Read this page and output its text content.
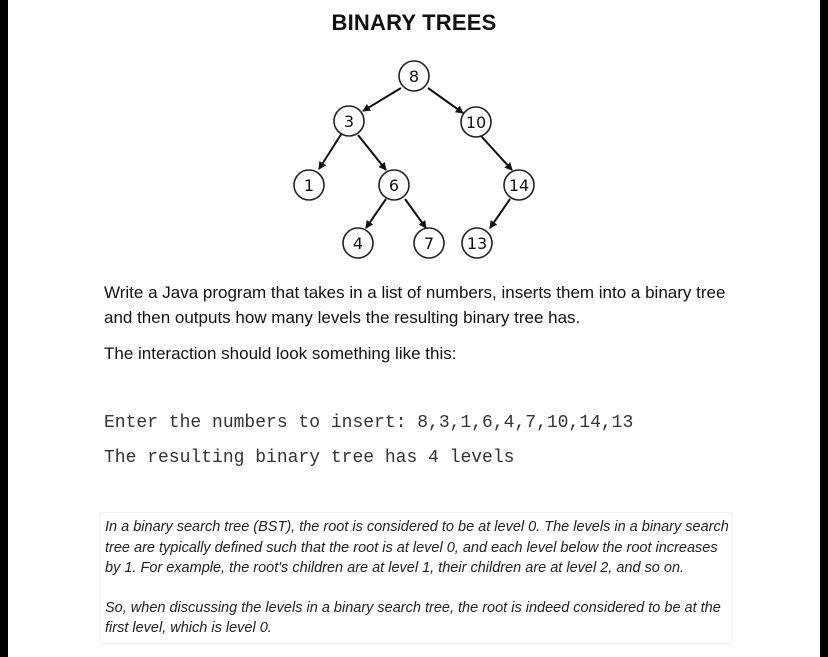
BINARY TREES
8
3	10
1	6	14
4	7 13

Write a Java program that takes in a list of numbers, inserts them into a binary tree and then outputs how many levels the resulting binary tree has.

The interaction should look something like this:

Enter the numbers to insert: 8,3,1,6,4,7,10,14,13
The resulting binary tree has 4 levels

In a binary search tree (BST), the root is considered to be at level 0. The levels in a binary search tree are typically defined such that the root is at level 0, and each level below the root increases by 1. For example, the root's children are at level 1, their children are at level 2, and so on.

So, when discussing the levels in a binary search tree, the root is indeed considered to be at the first level, which is level 0.
